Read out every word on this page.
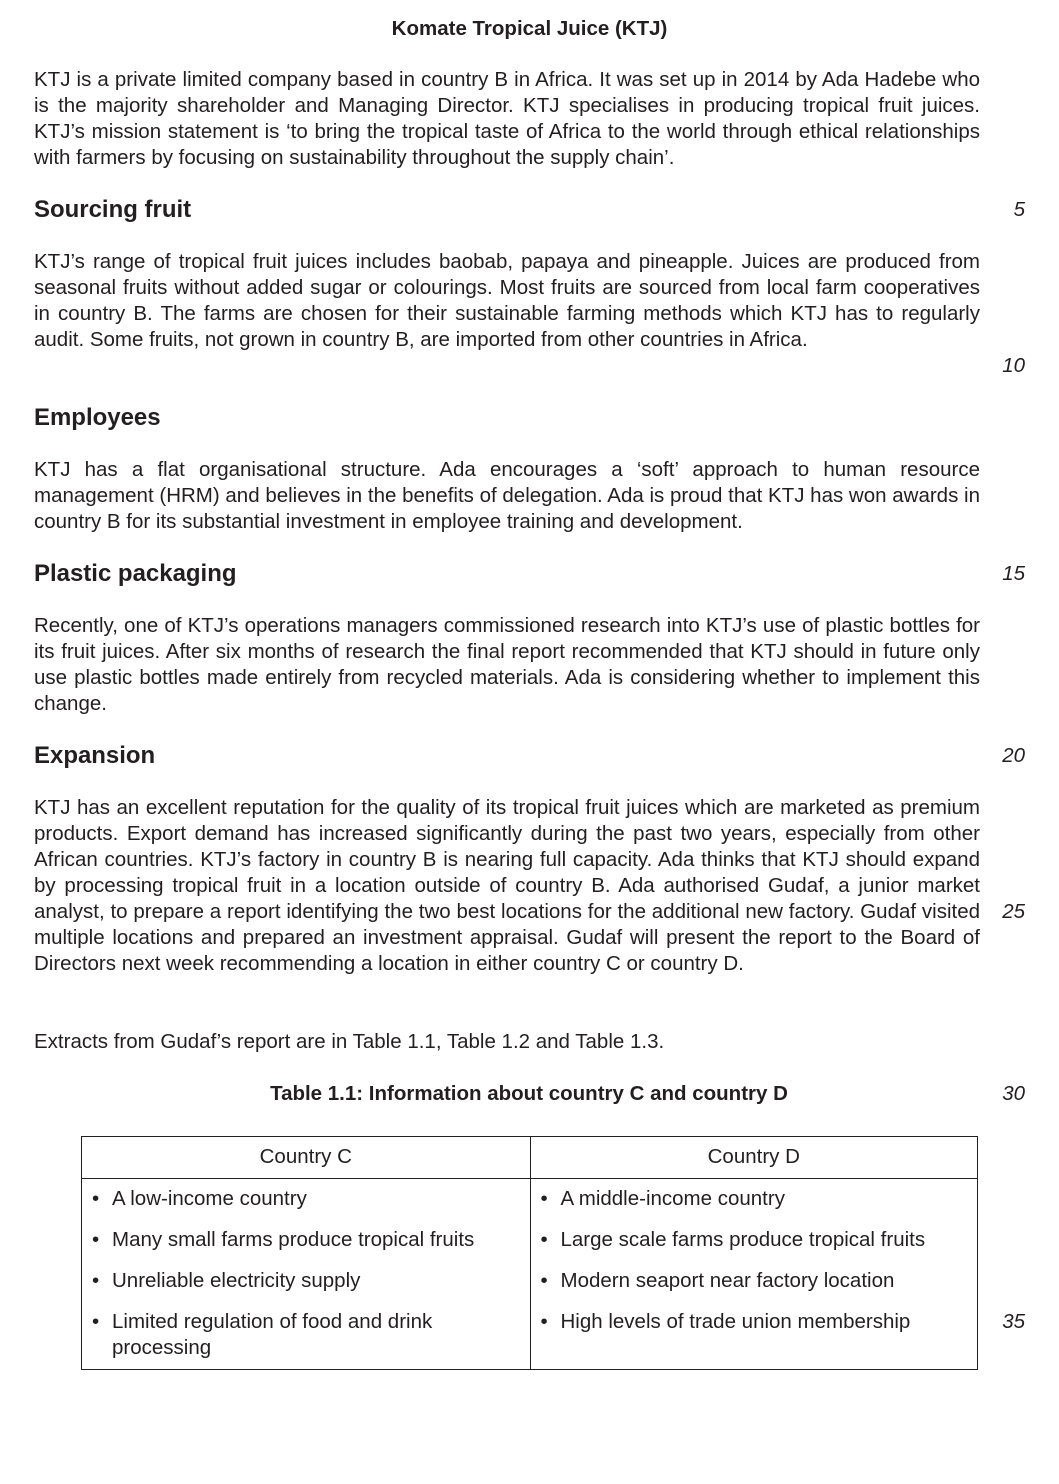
Komate Tropical Juice (KTJ)

KTJ is a private limited company based in country B in Africa. It was set up in 2014 by Ada Hadebe who is the majority shareholder and Managing Director. KTJ specialises in producing tropical fruit juices. KTJ’s mission statement is ‘to bring the tropical taste of Africa to the world through ethical relationships with farmers by focusing on sustainability throughout the supply chain’.

Sourcing fruit

KTJ’s range of tropical fruit juices includes baobab, papaya and pineapple. Juices are produced from seasonal fruits without added sugar or colourings. Most fruits are sourced from local farm cooperatives in country B. The farms are chosen for their sustainable farming methods which KTJ has to regularly audit. Some fruits, not grown in country B, are imported from other countries in Africa.

Employees

KTJ has a flat organisational structure. Ada encourages a ‘soft’ approach to human resource management (HRM) and believes in the benefits of delegation. Ada is proud that KTJ has won awards in country B for its substantial investment in employee training and development.

Plastic packaging

Recently, one of KTJ’s operations managers commissioned research into KTJ’s use of plastic bottles for its fruit juices. After six months of research the final report recommended that KTJ should in future only use plastic bottles made entirely from recycled materials. Ada is considering whether to implement this change.

Expansion

KTJ has an excellent reputation for the quality of its tropical fruit juices which are marketed as premium products. Export demand has increased significantly during the past two years, especially from other African countries. KTJ’s factory in country B is nearing full capacity. Ada thinks that KTJ should expand by processing tropical fruit in a location outside of country B. Ada authorised Gudaf, a junior market analyst, to prepare a report identifying the two best locations for the additional new factory. Gudaf visited multiple locations and prepared an investment appraisal. Gudaf will present the report to the Board of Directors next week recommending a location in either country C or country D.

Extracts from Gudaf’s report are in Table 1.1, Table 1.2 and Table 1.3.

5
10
15
20
25
30
35
Table 1.1: Information about country C and country D
Country C
• A low-income country
• Many small farms produce tropical fruits
• Unreliable electricity supply
• Limited regulation of food and drink processing
Country D
• A middle-income country
• Large scale farms produce tropical fruits
• Modern seaport near factory location
• High levels of trade union membership
